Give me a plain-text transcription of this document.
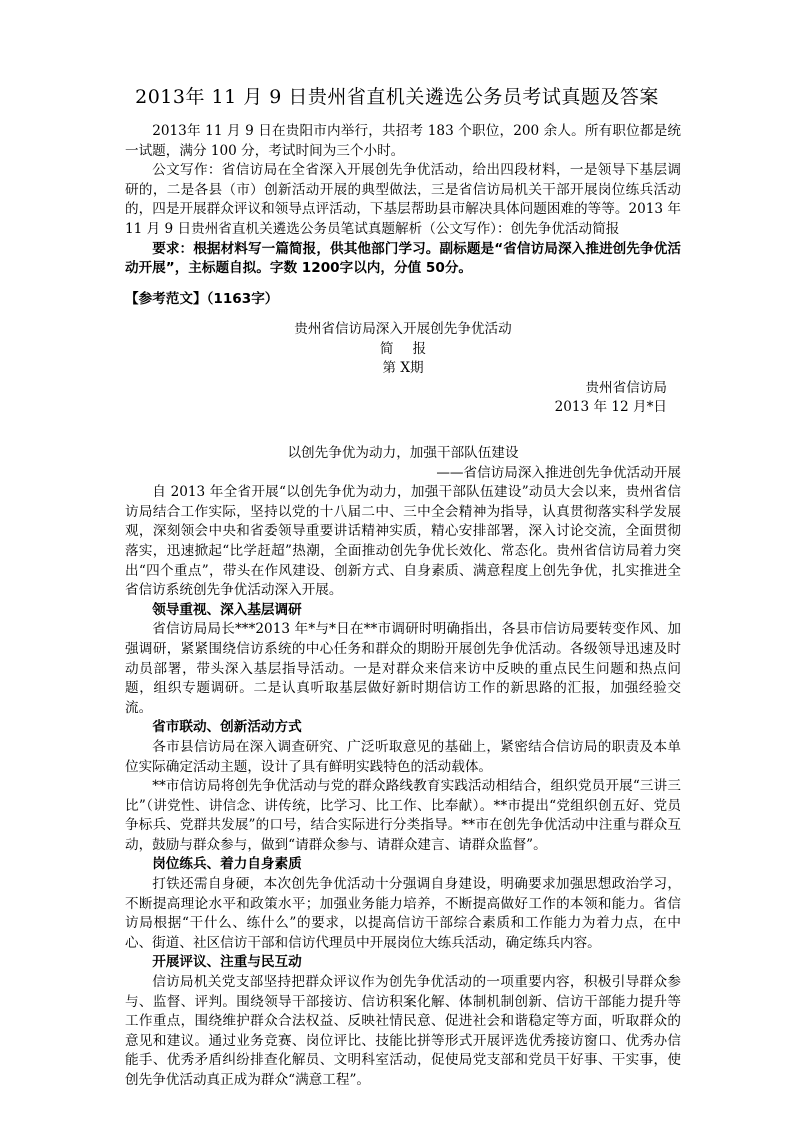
2013年 11 月 9 日贵州省直机关遴选公务员考试真题及答案

2013年 11 月 9 日在贵阳市内举行，共招考 183 个职位，200 余人。所有职位都是统一试题，满分 100 分，考试时间为三个小时。

公文写作：省信访局在全省深入开展创先争优活动，给出四段材料，一是领导下基层调研的，二是各县（市）创新活动开展的典型做法，三是省信访局机关干部开展岗位练兵活动的，四是开展群众评议和领导点评活动，下基层帮助县市解决具体问题困难的等等。2013 年 11 月 9 日贵州省直机关遴选公务员笔试真题解析（公文写作）：创先争优活动简报

要求：根据材料写一篇简报，供其他部门学习。副标题是“省信访局深入推进创先争优活动开展”，主标题自拟。字数 1200字以内，分值 50分。

【参考范文】（1163字）

贵州省信访局深入开展创先争优活动

简 报

第 X期

贵州省信访局

2013 年 12 月*日

以创先争优为动力，加强干部队伍建设

——省信访局深入推进创先争优活动开展

自 2013 年全省开展“以创先争优为动力，加强干部队伍建设”动员大会以来，贵州省信访局结合工作实际，坚持以党的十八届二中、三中全会精神为指导，认真贯彻落实科学发展观，深刻领会中央和省委领导重要讲话精神实质，精心安排部署，深入讨论交流，全面贯彻落实，迅速掀起“比学赶超”热潮，全面推动创先争优长效化、常态化。贵州省信访局着力突出“四个重点”，带头在作风建设、创新方式、自身素质、满意程度上创先争优，扎实推进全省信访系统创先争优活动深入开展。

领导重视、深入基层调研

省信访局局长***2013 年*与*日在**市调研时明确指出，各县市信访局要转变作风、加强调研，紧紧围绕信访系统的中心任务和群众的期盼开展创先争优活动。各级领导迅速及时动员部署，带头深入基层指导活动。一是对群众来信来访中反映的重点民生问题和热点问题，组织专题调研。二是认真听取基层做好新时期信访工作的新思路的汇报，加强经验交流。

省市联动、创新活动方式

各市县信访局在深入调查研究、广泛听取意见的基础上，紧密结合信访局的职责及本单位实际确定活动主题，设计了具有鲜明实践特色的活动载体。

**市信访局将创先争优活动与党的群众路线教育实践活动相结合，组织党员开展“三讲三比”（讲党性、讲信念、讲传统，比学习、比工作、比奉献）。**市提出“党组织创五好、党员争标兵、党群共发展”的口号，结合实际进行分类指导。**市在创先争优活动中注重与群众互动，鼓励与群众参与，做到“请群众参与、请群众建言、请群众监督”。

岗位练兵、着力自身素质

打铁还需自身硬，本次创先争优活动十分强调自身建设，明确要求加强思想政治学习，不断提高理论水平和政策水平；加强业务能力培养，不断提高做好工作的本领和能力。省信访局根据“干什么、练什么”的要求，以提高信访干部综合素质和工作能力为着力点，在中心、街道、社区信访干部和信访代理员中开展岗位大练兵活动，确定练兵内容。

开展评议、注重与民互动

信访局机关党支部坚持把群众评议作为创先争优活动的一项重要内容，积极引导群众参与、监督、评判。围绕领导干部接访、信访积案化解、体制机制创新、信访干部能力提升等工作重点，围绕维护群众合法权益、反映社情民意、促进社会和谐稳定等方面，听取群众的意见和建议。通过业务竞赛、岗位评比、技能比拼等形式开展评选优秀接访窗口、优秀办信能手、优秀矛盾纠纷排查化解员、文明科室活动，促使局党支部和党员干好事、干实事，使创先争优活动真正成为群众“满意工程”。
